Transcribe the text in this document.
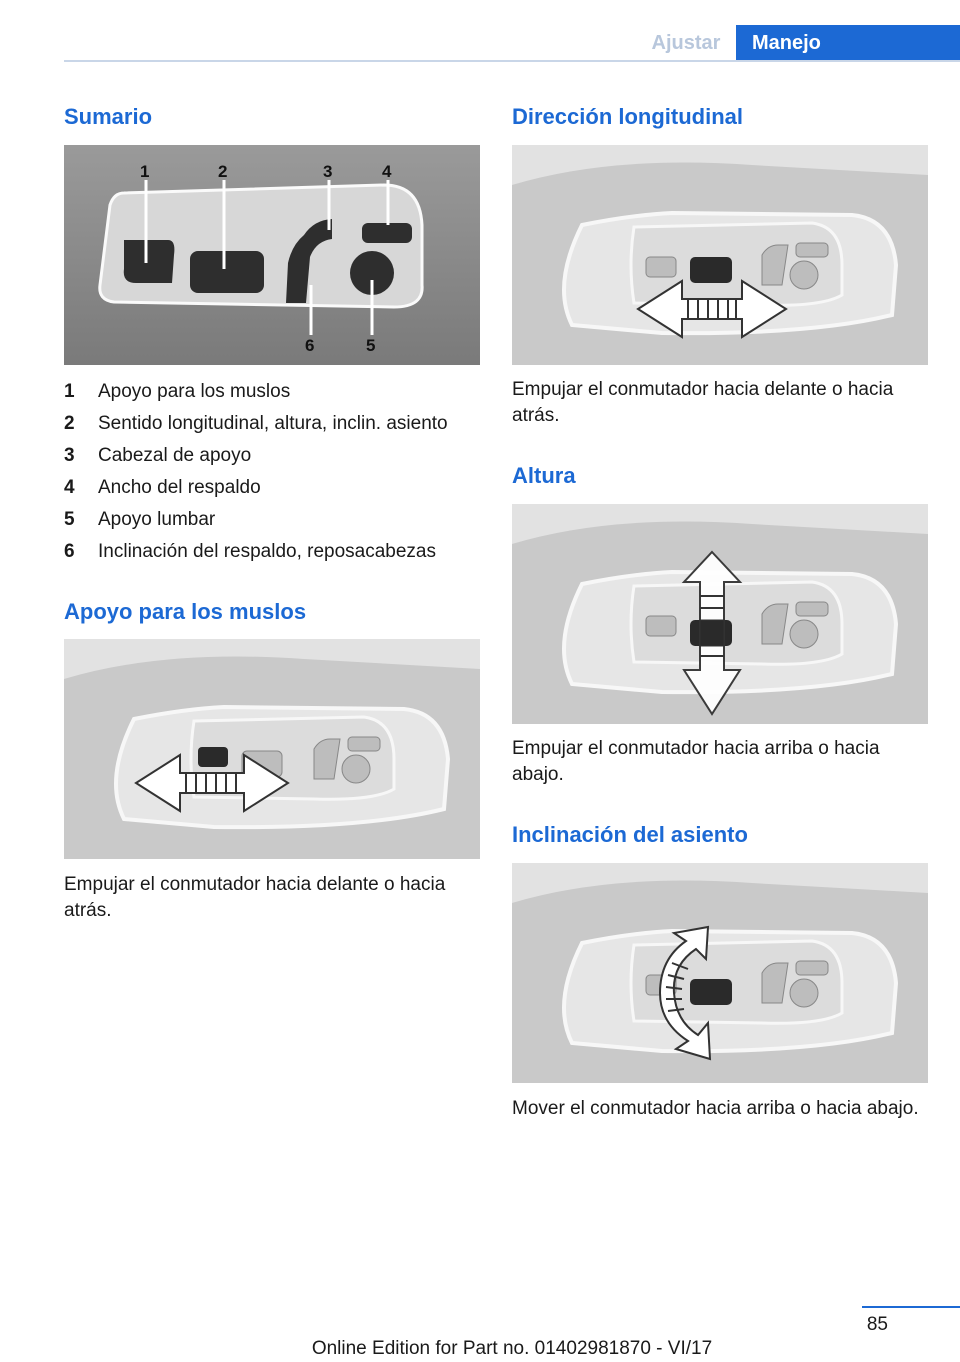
Ajustar	Manejo
Sumario
1	2	3	4
6	5
1	Apoyo para los muslos
2	Sentido longitudinal, altura, inclin. asiento
3	Cabezal de apoyo
4	Ancho del respaldo
5	Apoyo lumbar
6	Inclinación del respaldo, reposacabezas
Apoyo para los muslos
Empujar el conmutador hacia delante o hacia atrás.
Dirección longitudinal
Empujar el conmutador hacia delante o hacia atrás.
Altura
Empujar el conmutador hacia arriba o hacia abajo.
Inclinación del asiento
Mover el conmutador hacia arriba o hacia abajo.
85
Online Edition for Part no. 01402981870 - VI/17
